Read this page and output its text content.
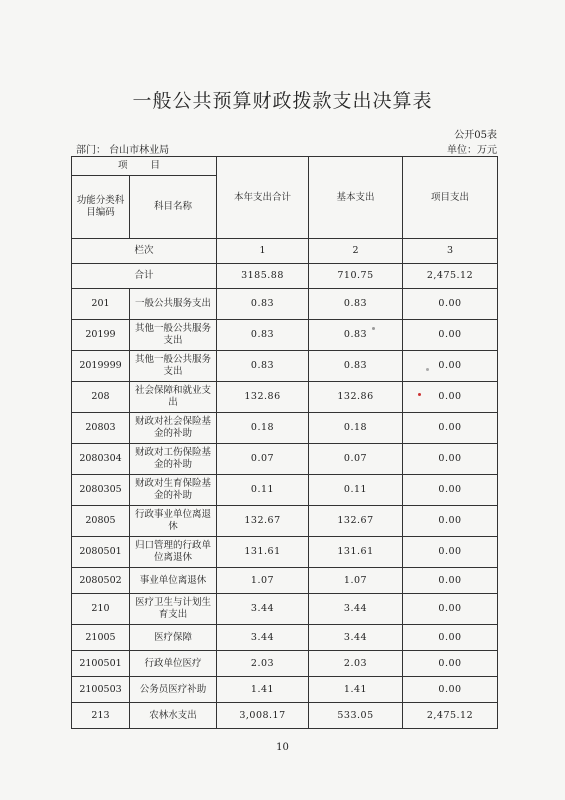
一般公共预算财政拨款支出决算表
公开05表
部门： 台山市林业局	单位：万元
项 目		本年支出合计	基本支出	项目支出
功能分类科目编码	科目名称			
栏次		1	2	3
合计		3185.88	710.75	2,475.12
201	一般公共服务支出	0.83	0.83	0.00
20199	其他一般公共服务支出	0.83	0.83	0.00
2019999	其他一般公共服务支出	0.83	0.83	0.00
208	社会保障和就业支出	132.86	132.86	0.00
20803	财政对社会保险基金的补助	0.18	0.18	0.00
2080304	财政对工伤保险基金的补助	0.07	0.07	0.00
2080305	财政对生育保险基金的补助	0.11	0.11	0.00
20805	行政事业单位离退休	132.67	132.67	0.00
2080501	归口管理的行政单位离退休	131.61	131.61	0.00
2080502	事业单位离退休	1.07	1.07	0.00
210	医疗卫生与计划生育支出	3.44	3.44	0.00
21005	医疗保障	3.44	3.44	0.00
2100501	行政单位医疗	2.03	2.03	0.00
2100503	公务员医疗补助	1.41	1.41	0.00
213	农林水支出	3,008.17	533.05	2,475.12
10
